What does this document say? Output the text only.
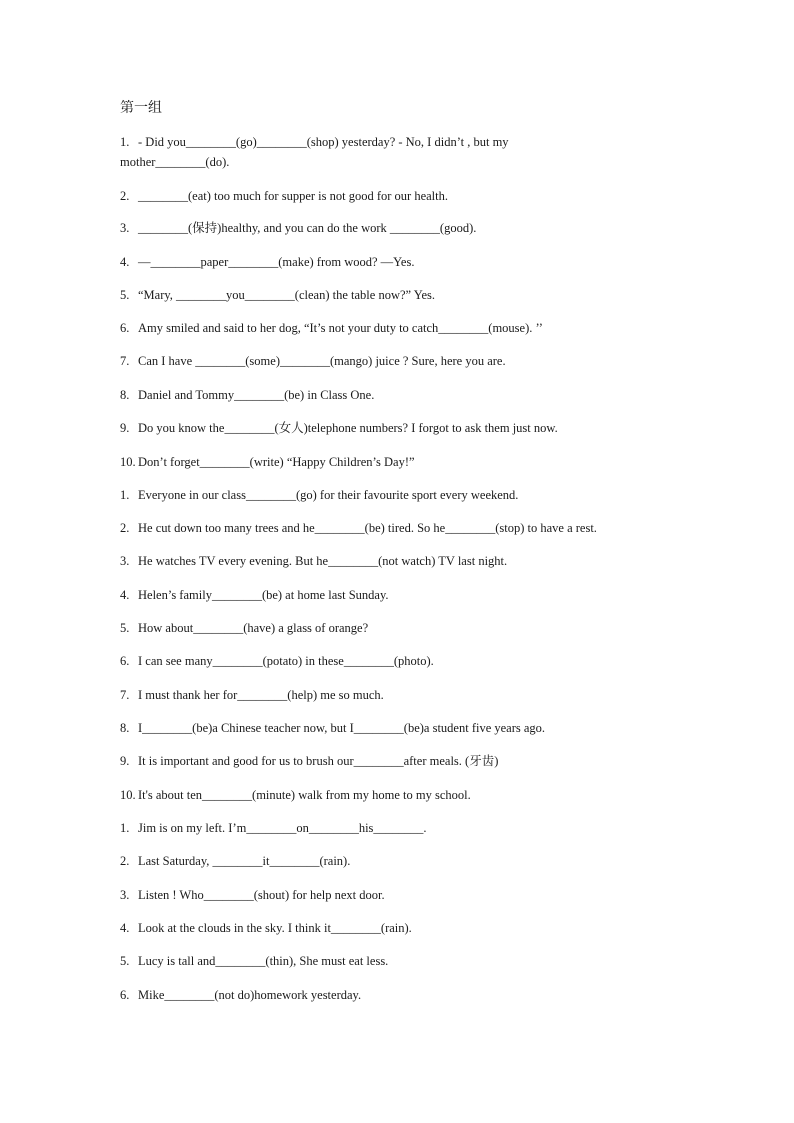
第一组
1. - Did you________(go)________(shop) yesterday? - No, I didn’t , but my mother________(do).
2. ________(eat) too much for supper is not good for our health.
3. ________(保持)healthy, and you can do the work ________(good).
4. —________paper________(make) from wood? —Yes.
5. “Mary, ________you________(clean) the table now?” Yes.
6. Amy smiled and said to her dog, “It’s not your duty to catch________(mouse). ’’
7. Can I have ________(some)________(mango) juice ? Sure, here you are.
8. Daniel and Tommy________(be) in Class One.
9. Do you know the________(女人)telephone numbers? I forgot to ask them just now.
10. Don’t forget________(write) “Happy Children’s Day!”
1. Everyone in our class________(go) for their favourite sport every weekend.
2. He cut down too many trees and he________(be) tired. So he________(stop) to have a rest.
3. He watches TV every evening. But he________(not watch) TV last night.
4. Helen’s family________(be) at home last Sunday.
5. How about________(have) a glass of orange?
6. I can see many________(potato) in these________(photo).
7. I must thank her for________(help) me so much.
8. I________(be)a Chinese teacher now, but I________(be)a student five years ago.
9. It is important and good for us to brush our________after meals. (牙齿)
10. It's about ten________(minute) walk from my home to my school.
1. Jim is on my left. I’m________on________his________.
2. Last Saturday, ________it________(rain).
3. Listen ! Who________(shout) for help next door.
4. Look at the clouds in the sky. I think it________(rain).
5. Lucy is tall and________(thin), She must eat less.
6. Mike________(not do)homework yesterday.
